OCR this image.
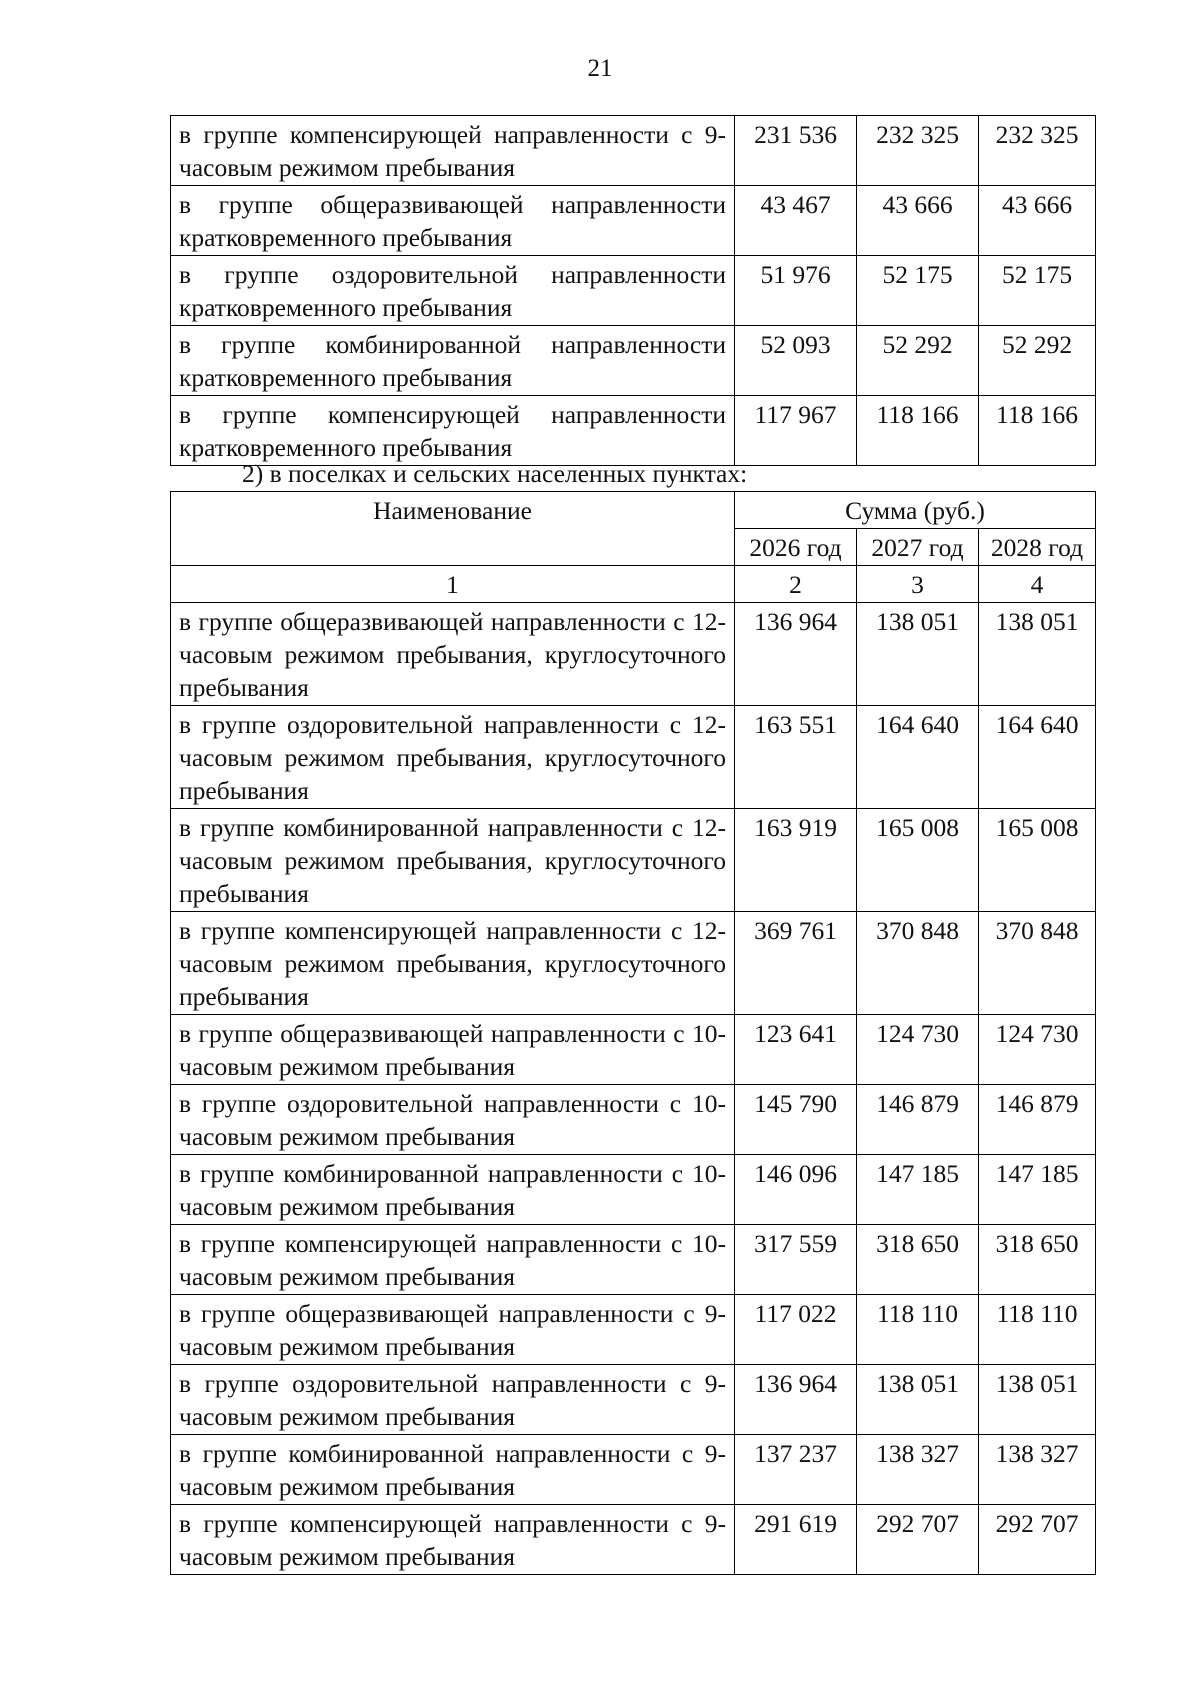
21
в группе компенсирующей направленности с 9-часовым режимом пребывания	231 536	232 325	232 325
в группе общеразвивающей направленности кратковременного пребывания	43 467	43 666	43 666
в группе оздоровительной направленности кратковременного пребывания	51 976	52 175	52 175
в группе комбинированной направленности кратковременного пребывания	52 093	52 292	52 292
в группе компенсирующей направленности кратковременного пребывания	117 967	118 166	118 166
2) в поселках и сельских населенных пунктах:
Наименование	Сумма (руб.)		
	2026 год	2027 год	2028 год
1	2	3	4
в группе общеразвивающей направленности с 12-часовым режимом пребывания, круглосуточного пребывания	136 964	138 051	138 051
в группе оздоровительной направленности с 12-часовым режимом пребывания, круглосуточного пребывания	163 551	164 640	164 640
в группе комбинированной направленности с 12-часовым режимом пребывания, круглосуточного пребывания	163 919	165 008	165 008
в группе компенсирующей направленности с 12-часовым режимом пребывания, круглосуточного пребывания	369 761	370 848	370 848
в группе общеразвивающей направленности с 10-часовым режимом пребывания	123 641	124 730	124 730
в группе оздоровительной направленности с 10-часовым режимом пребывания	145 790	146 879	146 879
в группе комбинированной направленности с 10-часовым режимом пребывания	146 096	147 185	147 185
в группе компенсирующей направленности с 10-часовым режимом пребывания	317 559	318 650	318 650
в группе общеразвивающей направленности с 9-часовым режимом пребывания	117 022	118 110	118 110
в группе оздоровительной направленности с 9-часовым режимом пребывания	136 964	138 051	138 051
в группе комбинированной направленности с 9-часовым режимом пребывания	137 237	138 327	138 327
в группе компенсирующей направленности с 9-часовым режимом пребывания	291 619	292 707	292 707
